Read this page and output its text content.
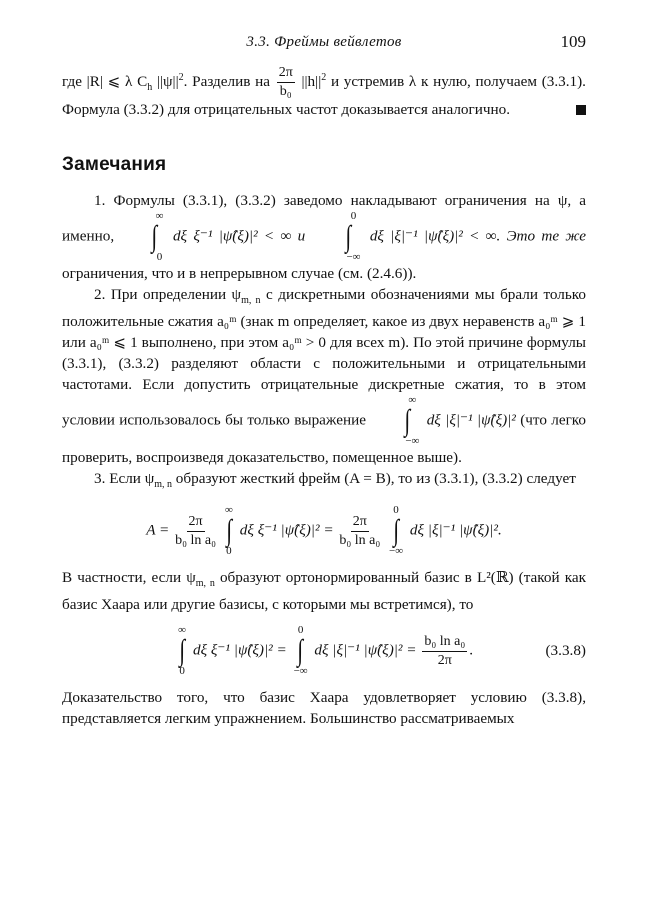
3.3. Фреймы вейвлетов	109

где |R| ⩽ λ $C_h$ $||\psi||^2$. Разделив на $\frac{2\pi}{\text{b₀}} ||h||^2$ и устремив λ к нулю, получаем (3.3.1). Формула (3.3.2) для отрицательных частот доказывается аналогично.

Замечания

1. Формулы (3.3.1), (3.3.2) заведомо накладывают ограничения на ψ, а именно,
∞
∫
0
dξ ξ⁻¹ |ψ̂(ξ)|² < ∞ и
0
∫
−∞
dξ |ξ|⁻¹ |ψ̂(ξ)|² < ∞. Это те же ограничения, что и в непрерывном случае (см. (2.4.6)).

2. При определении $\psi_{m, n}$ с дискретными обозначениями мы брали только положительные сжатия a₀ᵐ (знак m определяет, какое из двух неравенств a₀ᵐ ⩾ 1 или a₀ᵐ ⩽ 1 выполнено, при этом a₀ᵐ > 0 для всех m). По этой причине формулы (3.3.1), (3.3.2) разделяют области с положительными и отрицательными частотами. Если допустить отрицательные дискретные сжатия, то в этом условии использовалось бы только выражение
∞
∫
−∞
dξ |ξ|⁻¹ |ψ̂(ξ)|² (что легко проверить, воспроизведя доказательство, помещенное выше).

3. Если $\psi_{m, n}$ образуют жесткий фрейм (A = B), то из (3.3.1), (3.3.2) следует

$A = \frac{2\pi}{\text{b₀ ln a₀}}$

∞
∫
0
dξ ξ⁻¹ |ψ̂(ξ)|² = $\frac{2\pi}{\text{b₀ ln a₀}}$

0
∫
−∞
dξ |ξ|⁻¹ |ψ̂(ξ)|².

В частности, если $\psi_{m, n}$ образуют ортонормированный базис в L²(ℝ) (такой как базис Хаара или другие базисы, с которыми мы встретимся), то

∞
∫
0
dξ ξ⁻¹ |ψ̂(ξ)|² =
0
∫
−∞
dξ |ξ|⁻¹ |ψ̂(ξ)|² = $\frac{\text{b₀ ln a₀}}{2\pi}$ .	(3.3.8)

Доказательство того, что базис Хаара удовлетворяет условию (3.3.8), представляется легким упражнением. Большинство рассматриваемых
